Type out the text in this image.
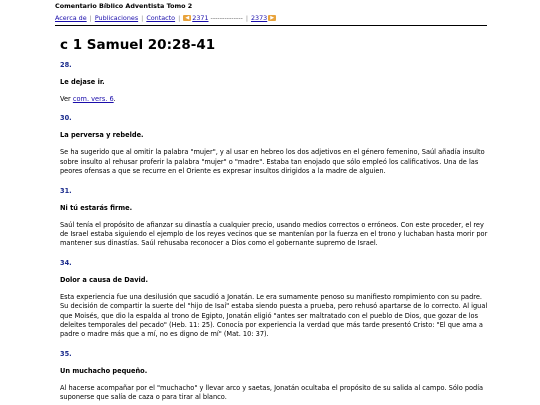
Comentario Bíblico Adventista Tomo 2
Acerca de | Publicaciones | Contacto |	◀ 2371 -------------- | 2373 ▶
c 1 Samuel 20:28-41
28.
Le dejase ir.
Ver com. vers. 6.
30.
La perversa y rebelde.
Se ha sugerido que al omitir la palabra "mujer", y al usar en hebreo los dos adjetivos en el género femenino, Saúl añadía insulto sobre insulto al rehusar proferir la palabra "mujer" o "madre". Estaba tan enojado que sólo empleó los calificativos. Una de las peores ofensas a que se recurre en el Oriente es expresar insultos dirigidos a la madre de alguien.
31.
Ni tú estarás firme.
Saúl tenía el propósito de afianzar su dinastía a cualquier precio, usando medios correctos o erróneos. Con este proceder, el rey de Israel estaba siguiendo el ejemplo de los reyes vecinos que se mantenían por la fuerza en el trono y luchaban hasta morir por mantener sus dinastías. Saúl rehusaba reconocer a Dios como el gobernante supremo de Israel.
34.
Dolor a causa de David.
Esta experiencia fue una desilusión que sacudió a Jonatán. Le era sumamente penoso su manifiesto rompimiento con su padre. Su decisión de compartir la suerte del "hijo de Isaí" estaba siendo puesta a prueba, pero rehusó apartarse de lo correcto. Al igual que Moisés, que dio la espalda al trono de Egipto, Jonatán eligió "antes ser maltratado con el pueblo de Dios, que gozar de los deleites temporales del pecado" (Heb. 11: 25). Conocía por experiencia la verdad que más tarde presentó Cristo: "El que ama a padre o madre más que a mí, no es digno de mí" (Mat. 10: 37).
35.
Un muchacho pequeño.
Al hacerse acompañar por el "muchacho" y llevar arco y saetas, Jonatán ocultaba el propósito de su salida al campo. Sólo podía suponerse que salía de caza o para tirar al blanco.
